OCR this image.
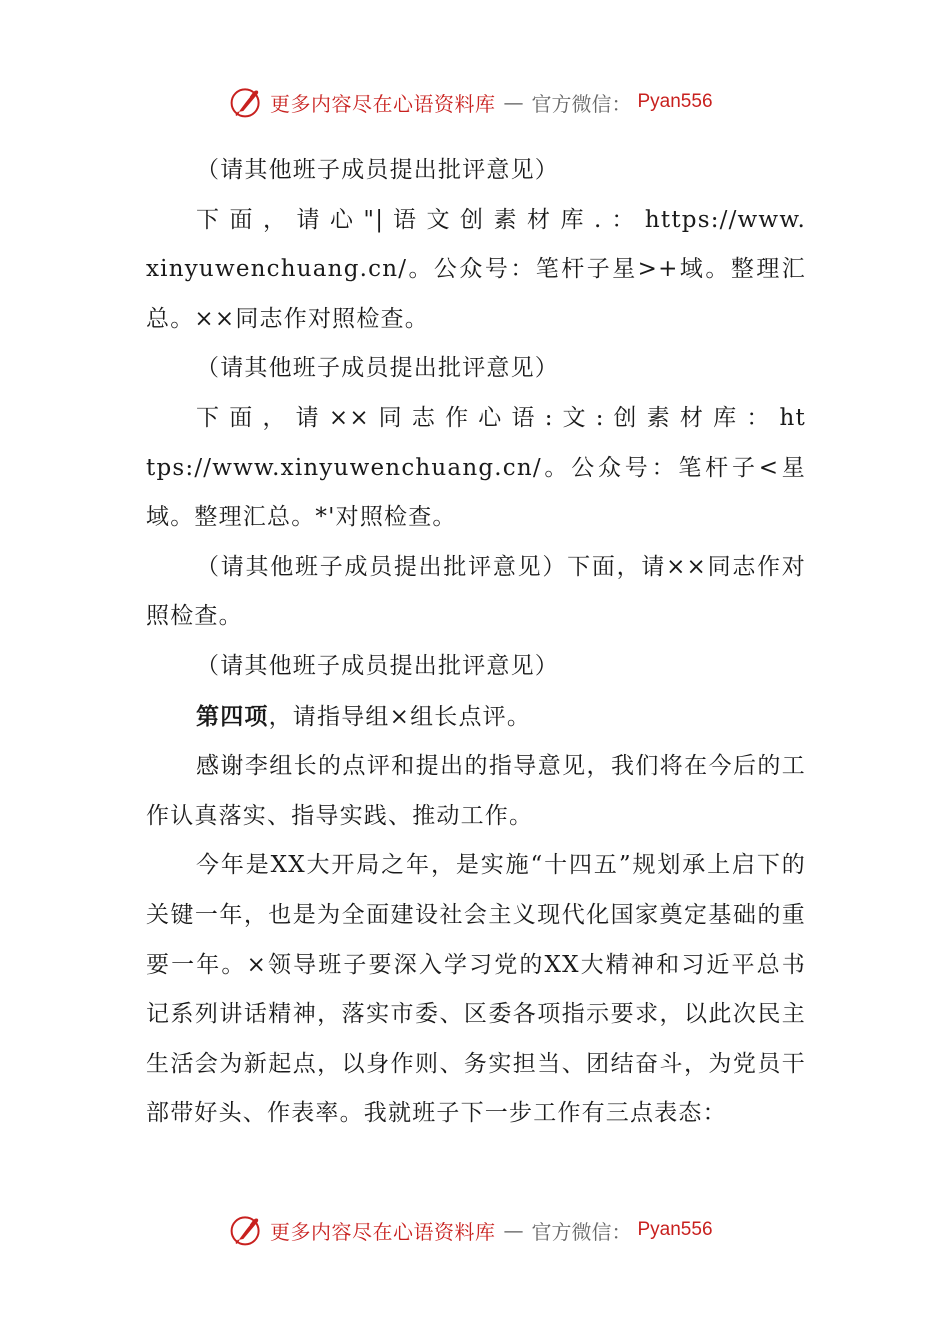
更多内容尽在心语资料库 — 官方微信： Pyan556

（请其他班子成员提出批评意见）

下 面 ， 请 心 "| 语 文 创 素 材 库 . ： https://www.xinyuwenchuang.cn/。公众号：笔杆子星>+域。整理汇总。××同志作对照检查。

（请其他班子成员提出批评意见）

下 面 ， 请 ×× 同 志 作 心 语 : 文 : 创 素 材 库 ： https://www.xinyuwenchuang.cn/。公众号：笔杆子<星域。整理汇总。*'对照检查。

（请其他班子成员提出批评意见）下面，请××同志作对照检查。

（请其他班子成员提出批评意见）

第四项，请指导组×组长点评。

感谢李组长的点评和提出的指导意见，我们将在今后的工作认真落实、指导实践、推动工作。

今年是XX大开局之年，是实施“十四五”规划承上启下的关键一年，也是为全面建设社会主义现代化国家奠定基础的重要一年。×领导班子要深入学习党的XX大精神和习近平总书记系列讲话精神，落实市委、区委各项指示要求，以此次民主生活会为新起点，以身作则、务实担当、团结奋斗，为党员干部带好头、作表率。我就班子下一步工作有三点表态：

更多内容尽在心语资料库 — 官方微信： Pyan556
